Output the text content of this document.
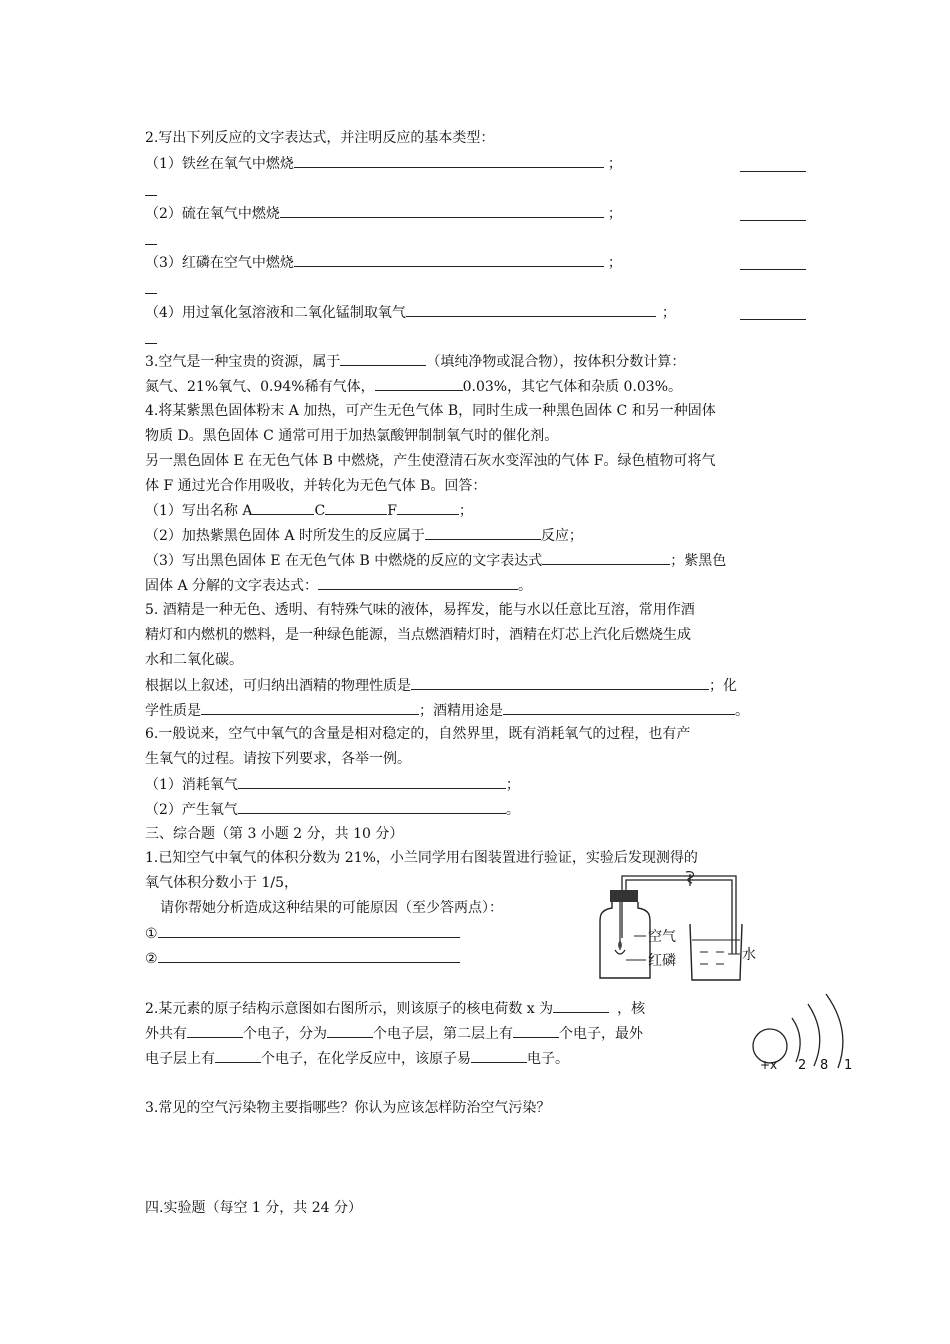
2.写出下列反应的文字表达式，并注明反应的基本类型：
（1）铁丝在氧气中燃烧	；
（2）硫在氧气中燃烧	；
（3）红磷在空气中燃烧	；
（4）用过氧化氢溶液和二氧化锰制取氧气	；
3.空气是一种宝贵的资源，属于	（填纯净物或混合物），按体积分数计算：
氮气、21%氧气、0.94%稀有气体，	0.03%，其它气体和杂质 0.03%。
4.将某紫黑色固体粉末 A 加热，可产生无色气体 B，同时生成一种黑色固体 C 和另一种固体
物质 D。黑色固体 C 通常可用于加热氯酸钾制制氧气时的催化剂。
另一黑色固体 E 在无色气体 B 中燃烧，产生使澄清石灰水变浑浊的气体 F。绿色植物可将气
体 F 通过光合作用吸收，并转化为无色气体 B。回答：
（1）写出名称 A	C	F	；
（2）加热紫黑色固体 A 时所发生的反应属于	反应；
（3）写出黑色固体 E 在无色气体 B 中燃烧的反应的文字表达式	；紫黑色
固体 A 分解的文字表达式：	。
5. 酒精是一种无色、透明、有特殊气味的液体，易挥发，能与水以任意比互溶，常用作酒
精灯和内燃机的燃料，是一种绿色能源，当点燃酒精灯时，酒精在灯芯上汽化后燃烧生成
水和二氧化碳。
根据以上叙述，可归纳出酒精的物理性质是	；化
学性质是	；酒精用途是	。
6.一般说来，空气中氧气的含量是相对稳定的，自然界里，既有消耗氧气的过程，也有产
生氧气的过程。请按下列要求，各举一例。
（1）消耗氧气	；
（2）产生氧气	。
三、综合题（第 3 小题 2 分，共 10 分）
1.已知空气中氧气的体积分数为 21%，小兰同学用右图装置进行验证，实验后发现测得的
氧气体积分数小于 1/5，
请你帮她分析造成这种结果的可能原因（至少答两点）：
①
②
空气
红磷	水
2.某元素的原子结构示意图如右图所示，则该原子的核电荷数 x 为	，核
外共有	个电子，分为	个电子层，第二层上有	个电子，最外
电子层上有	个电子，在化学反应中，该原子易	电子。	+x 2 8 1
3.常见的空气污染物主要指哪些？你认为应该怎样防治空气污染？
四.实验题（每空 1 分，共 24 分）
